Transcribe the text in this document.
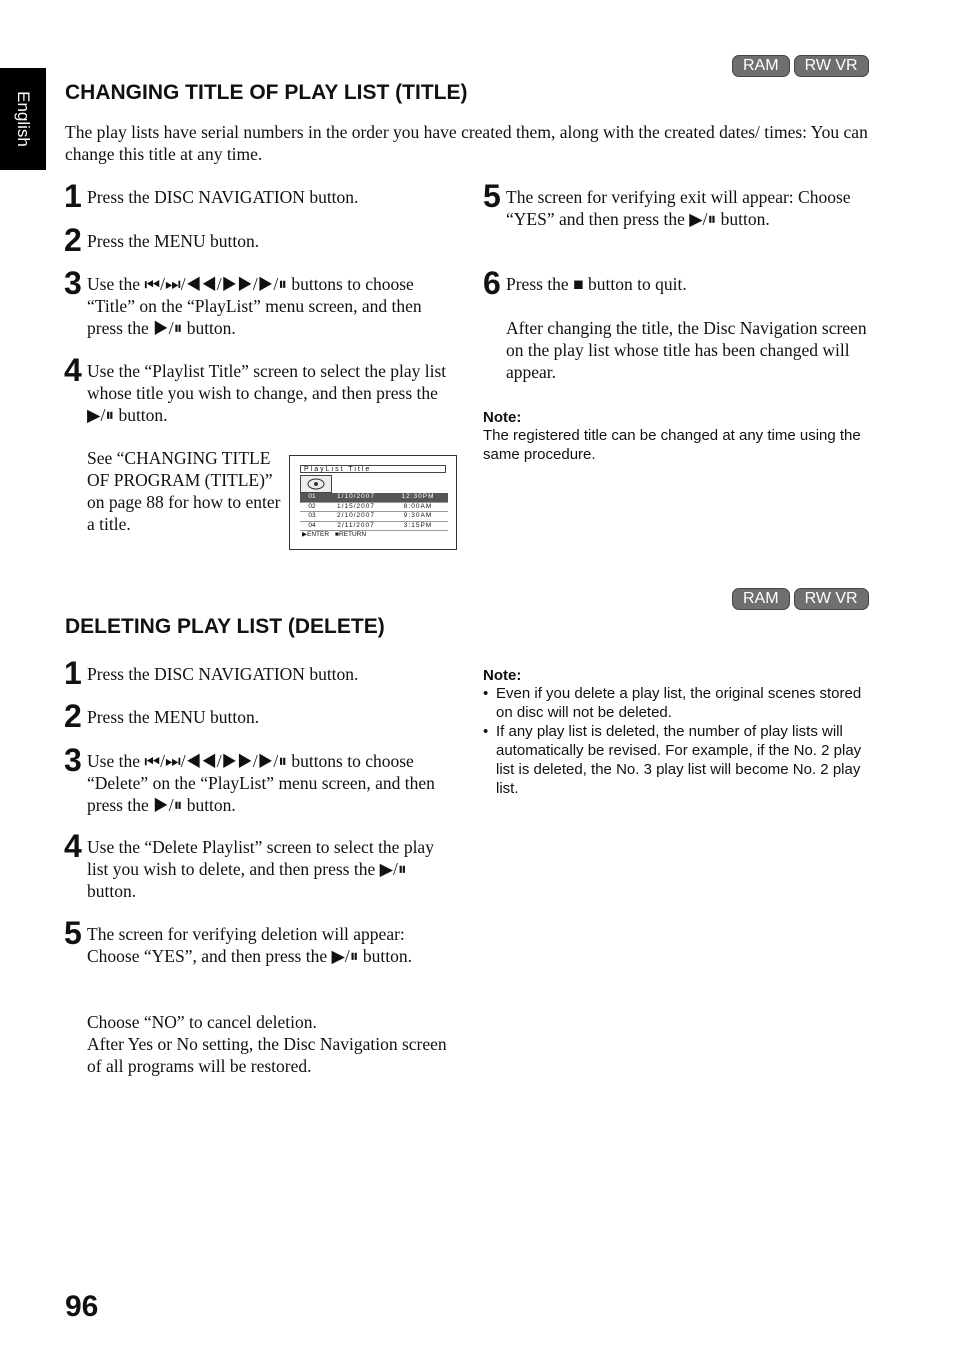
English
RAM	RW VR
CHANGING TITLE OF PLAY LIST (TITLE)
The play lists have serial numbers in the order you have created them, along with the created dates/ times: You can change this title at any time.
1 Press the DISC NAVIGATION button.
2 Press the MENU button.
3 Use the ⏮/⏭/◀◀/▶▶/▶/⏸ buttons to choose “Title” on the “PlayList” menu screen, and then press the ▶/⏸ button.
4 Use the “Playlist Title” screen to select the play list whose title you wish to change, and then press the ▶/⏸ button.
See “CHANGING TITLE OF PROGRAM (TITLE)” on page 88 for how to enter a title.
PlayList Title
01	1/10/2007	12:30PM
02	1/15/2007	8:00AM
03	2/10/2007	9:30AM
04	2/11/2007	3:15PM
▶ENTER ■RETURN
5 The screen for verifying exit will appear: Choose “YES” and then press the ▶/⏸ button.
6 Press the ■ button to quit.
After changing the title, the Disc Navigation screen on the play list whose title has been changed will appear.
Note:
The registered title can be changed at any time using the same procedure.
RAM	RW VR
DELETING PLAY LIST (DELETE)
1 Press the DISC NAVIGATION button.
2 Press the MENU button.
3 Use the ⏮/⏭/◀◀/▶▶/▶/⏸ buttons to choose “Delete” on the “PlayList” menu screen, and then press the ▶/⏸ button.
4 Use the “Delete Playlist” screen to select the play list you wish to delete, and then press the ▶/⏸ button.
5 The screen for verifying deletion will appear: Choose “YES”, and then press the ▶/⏸ button.
Choose “NO” to cancel deletion.
After Yes or No setting, the Disc Navigation screen of all programs will be restored.
Note:
• Even if you delete a play list, the original scenes stored on disc will not be deleted.
• If any play list is deleted, the number of play lists will automatically be revised. For example, if the No. 2 play list is deleted, the No. 3 play list will become No. 2 play list.
96
